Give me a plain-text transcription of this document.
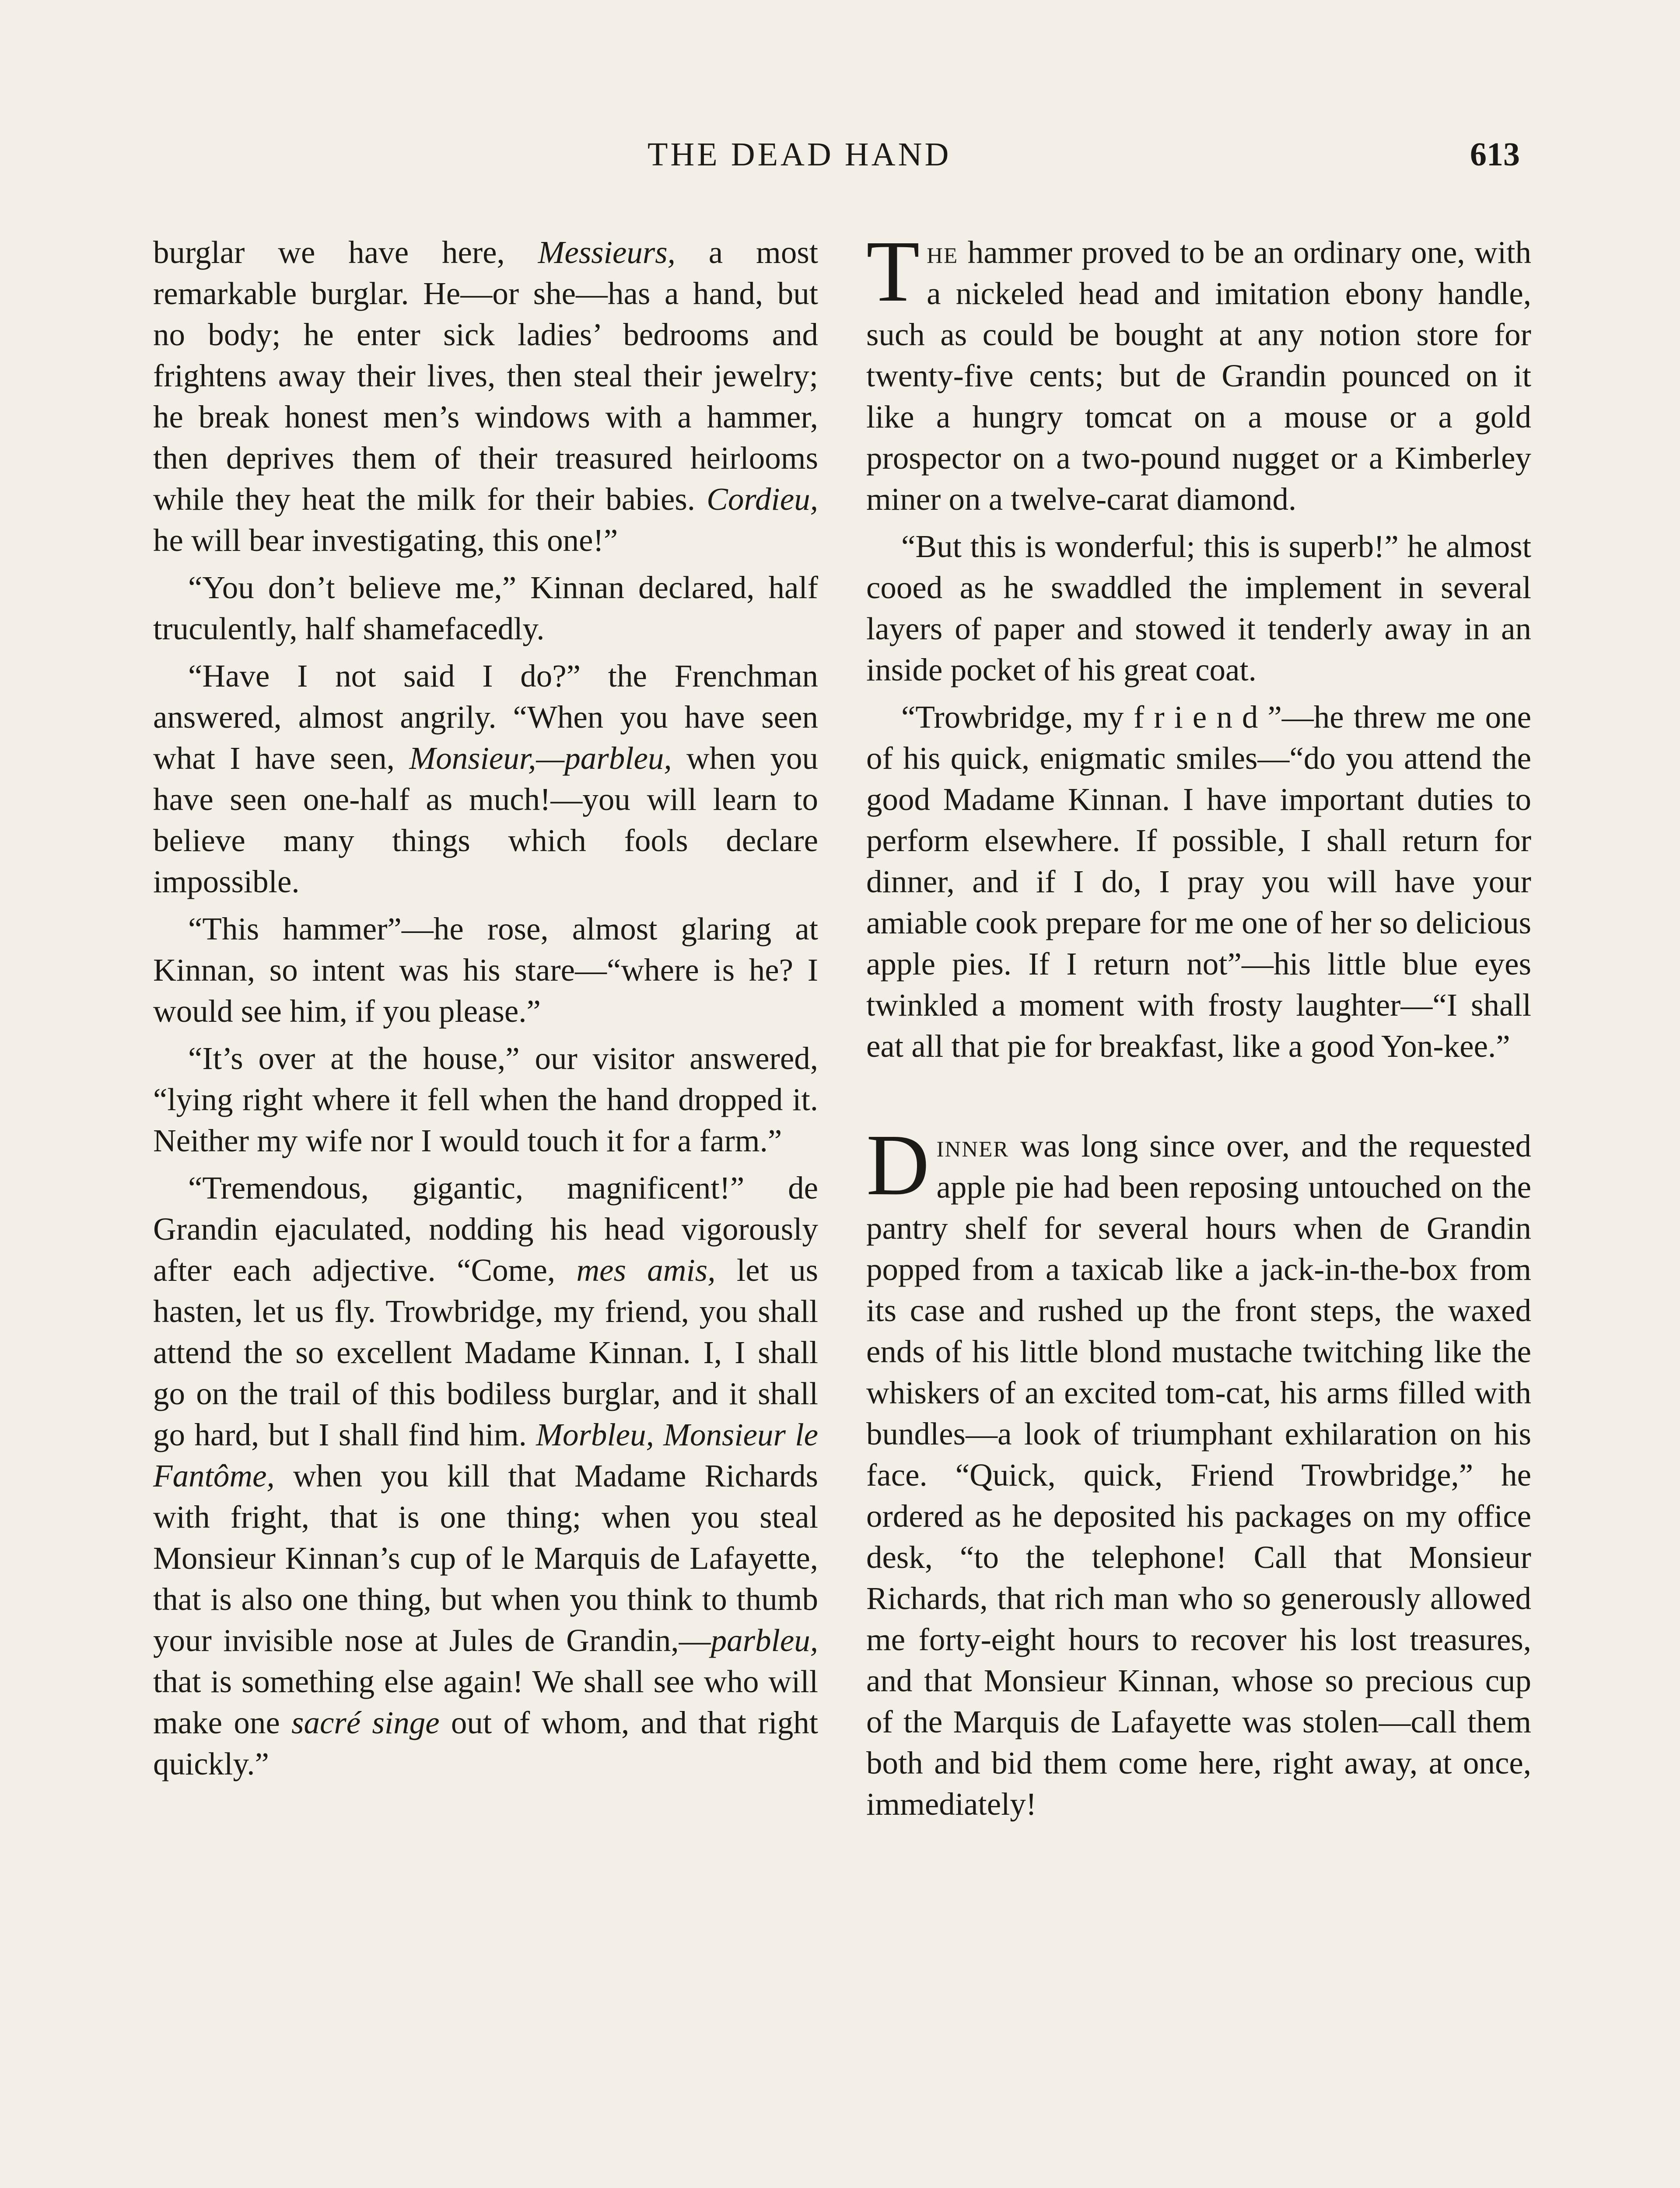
THE DEAD HAND	613

burglar we have here, Messieurs, a most remarkable burglar. He—or she—has a hand, but no body; he enter sick ladies’ bedrooms and frightens away their lives, then steal their jewelry; he break honest men’s windows with a hammer, then deprives them of their treasured heirlooms while they heat the milk for their babies. Cordieu, he will bear investigating, this one!”

“You don’t believe me,” Kinnan declared, half truculently, half shamefacedly.

“Have I not said I do?” the Frenchman answered, almost angrily. “When you have seen what I have seen, Monsieur,—parbleu, when you have seen one-half as much!—you will learn to believe many things which fools declare impossible.

“This hammer”—he rose, almost glaring at Kinnan, so intent was his stare—“where is he? I would see him, if you please.”

“It’s over at the house,” our visitor answered, “lying right where it fell when the hand dropped it. Neither my wife nor I would touch it for a farm.”

“Tremendous, gigantic, magnificent!” de Grandin ejaculated, nodding his head vigorously after each adjective. “Come, mes amis, let us hasten, let us fly. Trowbridge, my friend, you shall attend the so excellent Madame Kinnan. I, I shall go on the trail of this bodiless burglar, and it shall go hard, but I shall find him. Morbleu, Monsieur le Fantôme, when you kill that Madame Richards with fright, that is one thing; when you steal Monsieur Kinnan’s cup of le Marquis de Lafayette, that is also one thing, but when you think to thumb your invisible nose at Jules de Grandin,—parbleu, that is something else again! We shall see who will make one sacré singe out of whom, and that right quickly.”

The hammer proved to be an ordinary one, with a nickeled head and imitation ebony handle, such as could be bought at any notion store for twenty-five cents; but de Grandin pounced on it like a hungry tomcat on a mouse or a gold prospector on a two-pound nugget or a Kimberley miner on a twelve-carat diamond.

“But this is wonderful; this is superb!” he almost cooed as he swaddled the implement in several layers of paper and stowed it tenderly away in an inside pocket of his great coat.

“Trowbridge, my friend”—he threw me one of his quick, enigmatic smiles—“do you attend the good Madame Kinnan. I have important duties to perform elsewhere. If possible, I shall return for dinner, and if I do, I pray you will have your amiable cook prepare for me one of her so delicious apple pies. If I return not”—his little blue eyes twinkled a moment with frosty laughter—“I shall eat all that pie for breakfast, like a good Yon-kee.”

Dinner was long since over, and the requested apple pie had been reposing untouched on the pantry shelf for several hours when de Grandin popped from a taxicab like a jack-in-the-box from its case and rushed up the front steps, the waxed ends of his little blond mustache twitching like the whiskers of an excited tom-cat, his arms filled with bundles—a look of triumphant exhilaration on his face. “Quick, quick, Friend Trowbridge,” he ordered as he deposited his packages on my office desk, “to the telephone! Call that Monsieur Richards, that rich man who so generously allowed me forty-eight hours to recover his lost treasures, and that Monsieur Kinnan, whose so precious cup of the Marquis de Lafayette was stolen—call them both and bid them come here, right away, at once, immediately!
